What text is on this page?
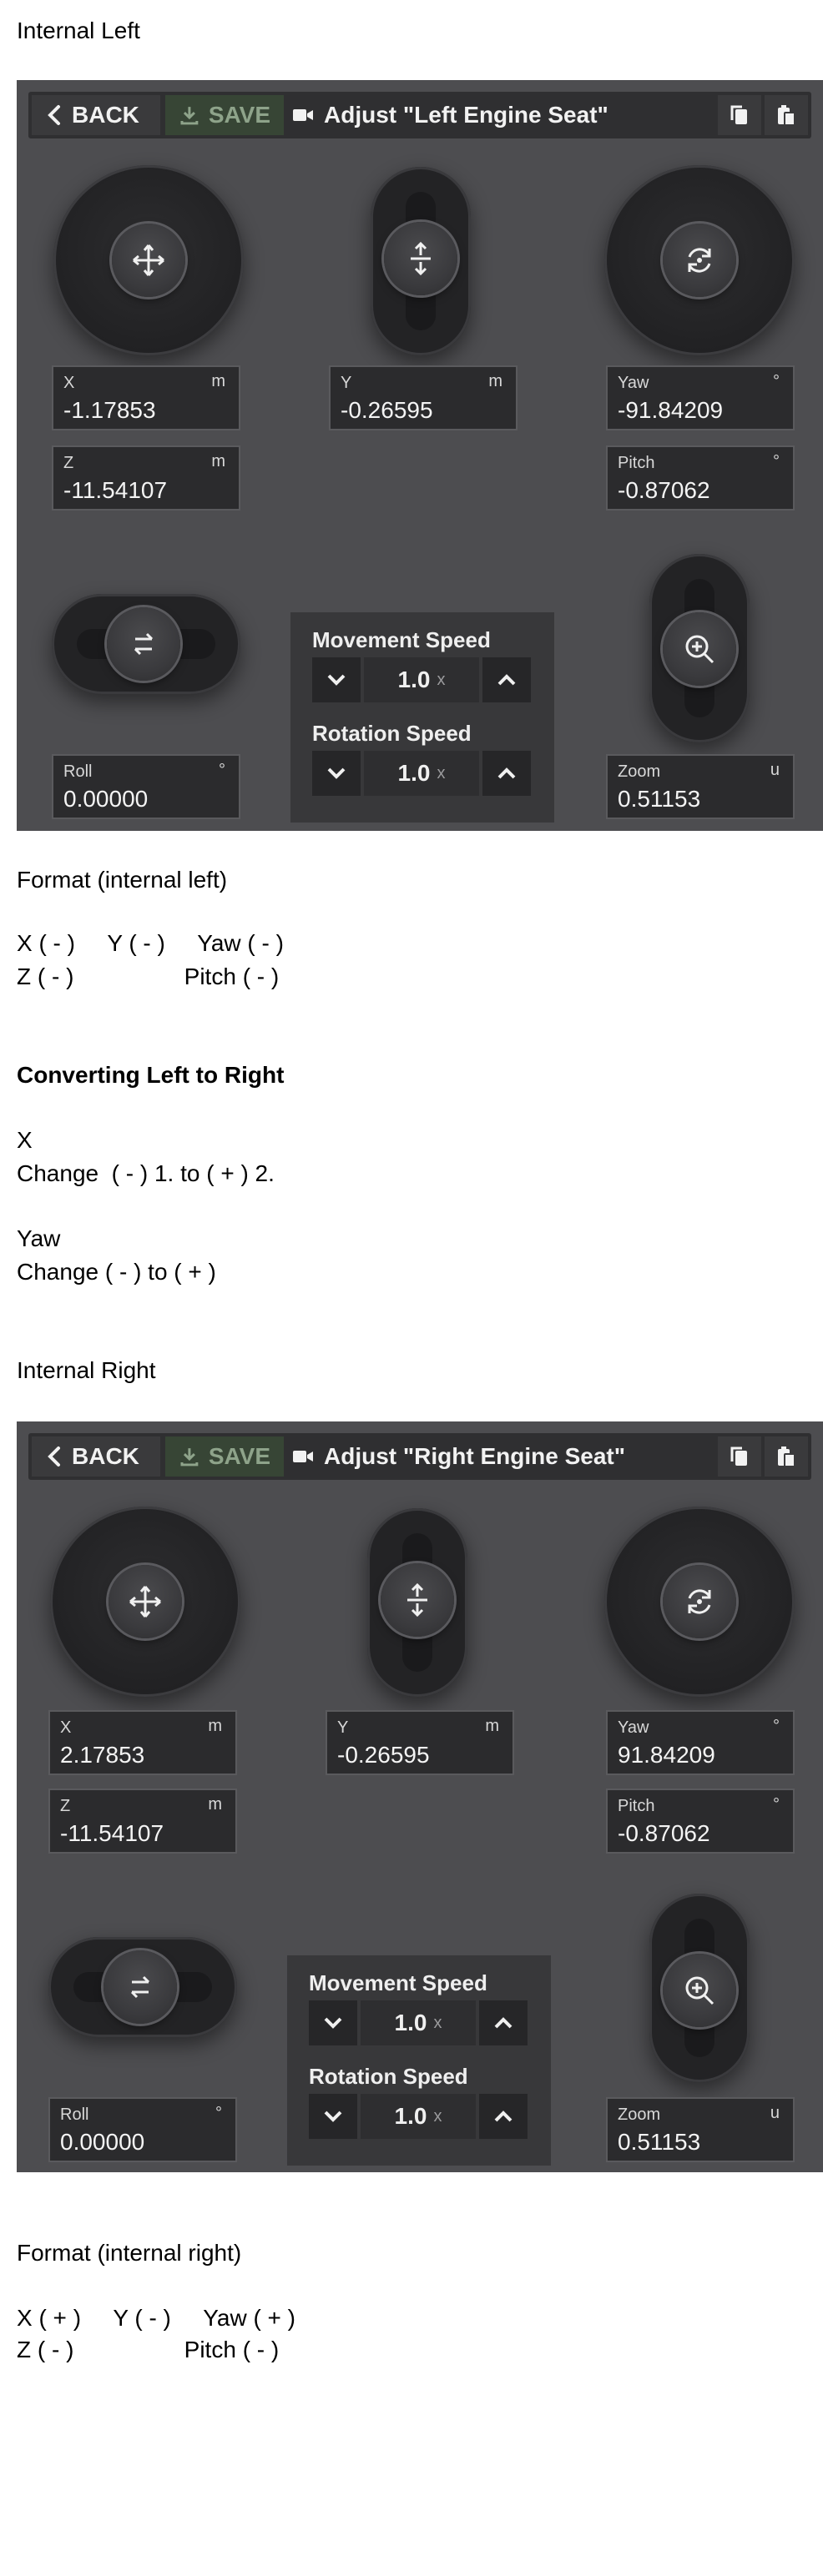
Internal Left

BACK	SAVE Adjust "Left Engine Seat"
X	m
-1.17853
Y	m
-0.26595
Yaw	°
-91.84209
Z	m
-11.54107
Pitch	°
-0.87062
Movement Speed
1.0 x
Rotation Speed
1.0 x
Roll	°
0.00000
Zoom	u
0.51153

Format (internal left)

X ( - )     Y ( - )     Yaw ( - )

Z ( - )                 Pitch ( - )

Converting Left to Right

X

Change  ( - ) 1. to ( + ) 2.

Yaw

Change ( - ) to ( + )

Internal Right

BACK	SAVE Adjust "Right Engine Seat"
X	m
2.17853
Y	m
-0.26595
Yaw	°
91.84209
Z	m
-11.54107
Pitch	°
-0.87062
Movement Speed
1.0 x
Rotation Speed
1.0 x
Roll	°
0.00000
Zoom	u
0.51153

Format (internal right)

X ( + )     Y ( - )     Yaw ( + )

Z ( - )                 Pitch ( - )
